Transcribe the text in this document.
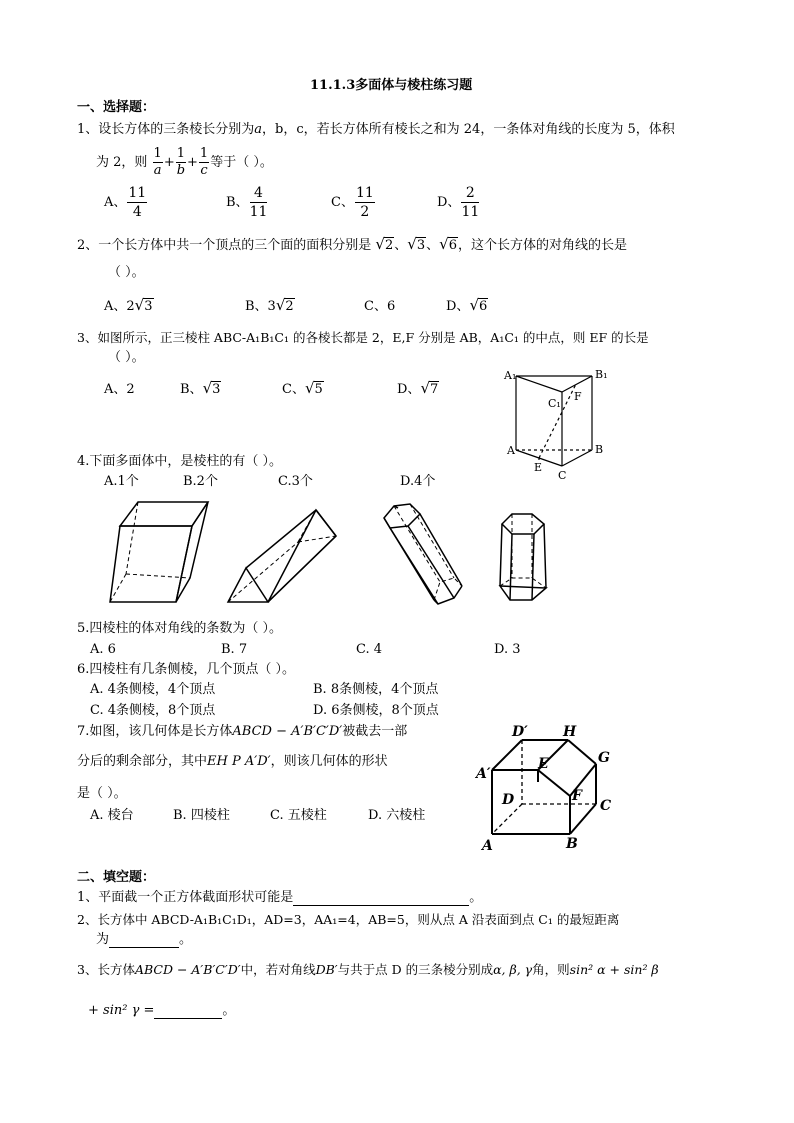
11.1.3多面体与棱柱练习题
一、选择题：
1、设长方体的三条棱长分别为a，b，c，若长方体所有棱长之和为 24，一条体对角线的长度为 5，体积
为 2，则 $\frac{1}{a} + \frac{1}{b} + \frac{1}{c}$ 等于（ ）。
A、 $\frac{11}{4}$	B、 $\frac{4}{11}$	C、 $\frac{11}{2}$	D、 $\frac{2}{11}$
2、一个长方体中共一个顶点的三个面的面积分别是 √2、√3、√6，这个长方体的对角线的长是
（ ）。
A、2√3	B、3√2	C、6	D、√6
3、如图所示，正三棱柱 ABC-A₁B₁C₁ 的各棱长都是 2，E,F 分别是 AB，A₁C₁ 的中点，则 EF 的长是
（ ）。
A、2	B、√3	C、√5	D、√7
A₁	B₁
C₁
F
A
E
B
C
4.下面多面体中，是棱柱的有（ ）。
A.1个	B.2个	C.3个	D.4个
5.四棱柱的体对角线的条数为（ ）。
A. 6	B. 7	C. 4	D. 3
6.四棱柱有几条侧棱，几个顶点（ ）。
A. 4条侧棱，4个顶点	B. 8条侧棱，4个顶点
C. 4条侧棱，8个顶点	D. 6条侧棱，8个顶点
7.如图，该几何体是长方体ABCD − A′B′C′D′被截去一部
分后的剩余部分，其中EH P A′D′，则该几何体的形状
是（ ）。
A. 棱台	B. 四棱柱	C. 五棱柱	D. 六棱柱
D′	H
A′
E	G
D	F
C
A	B
二、填空题：
1、平面截一个正方体截面形状可能是	。
2、长方体中 ABCD-A₁B₁C₁D₁，AD=3，AA₁=4，AB=5，则从点 A 沿表面到点 C₁ 的最短距离
为	。
3、长方体ABCD − A′B′C′D′中，若对角线DB′与共于点 D 的三条棱分别成α, β, γ角，则sin² α + sin² β
+ sin² γ =	。
